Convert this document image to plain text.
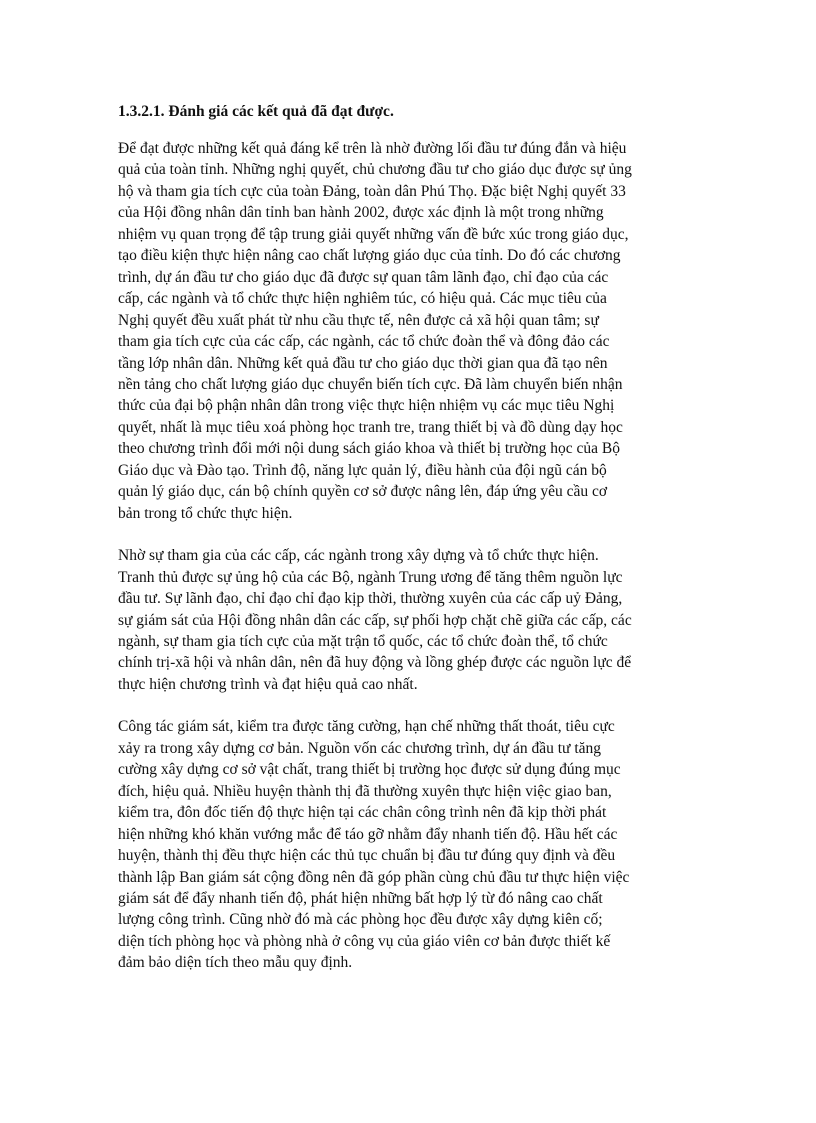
1.3.2.1. Đánh giá các kết quả đã đạt được.

Để đạt được những kết quả đáng kể trên là nhờ đường lối đầu tư đúng đắn và hiệu
quả của toàn tỉnh. Những nghị quyết, chủ chương đầu tư cho giáo dục được sự ủng
hộ và tham gia tích cực của toàn Đảng, toàn dân Phú Thọ. Đặc biệt Nghị quyết 33
của Hội đồng nhân dân tỉnh ban hành 2002, được xác định là một trong những
nhiệm vụ quan trọng để tập trung giải quyết những vấn đề bức xúc trong giáo dục,
tạo điều kiện thực hiện nâng cao chất lượng giáo dục của tỉnh. Do đó các chương
trình, dự án đầu tư cho giáo dục đã được sự quan tâm lãnh đạo, chỉ đạo của các
cấp, các ngành và tổ chức thực hiện nghiêm túc, có hiệu quả. Các mục tiêu của
Nghị quyết đều xuất phát từ nhu cầu thực tế, nên được cả xã hội quan tâm; sự
tham gia tích cực của các cấp, các ngành, các tổ chức đoàn thể và đông đảo các
tầng lớp nhân dân. Những kết quả đầu tư cho giáo dục thời gian qua đã tạo nên
nền tảng cho chất lượng giáo dục chuyển biến tích cực. Đã làm chuyển biến nhận
thức của đại bộ phận nhân dân trong việc thực hiện nhiệm vụ các mục tiêu Nghị
quyết, nhất là mục tiêu xoá phòng học tranh tre, trang thiết bị và đồ dùng dạy học
theo chương trình đổi mới nội dung sách giáo khoa và thiết bị trường học của Bộ
Giáo dục và Đào tạo. Trình độ, năng lực quản lý, điều hành của đội ngũ cán bộ
quản lý giáo dục, cán bộ chính quyền cơ sở được nâng lên, đáp ứng yêu cầu cơ
bản trong tổ chức thực hiện.

Nhờ sự tham gia của các cấp, các ngành trong xây dựng và tổ chức thực hiện.
Tranh thủ được sự ủng hộ của các Bộ, ngành Trung ương để tăng thêm nguồn lực
đầu tư. Sự lãnh đạo, chỉ đạo chỉ đạo kịp thời, thường xuyên của các cấp uỷ Đảng,
sự giám sát của Hội đồng nhân dân các cấp, sự phối hợp chặt chẽ giữa các cấp, các
ngành, sự tham gia tích cực của mặt trận tổ quốc, các tổ chức đoàn thể, tổ chức
chính trị-xã hội và nhân dân, nên đã huy động và lồng ghép được các nguồn lực để
thực hiện chương trình và đạt hiệu quả cao nhất.

Công tác giám sát, kiểm tra được tăng cường, hạn chế những thất thoát, tiêu cực
xảy ra trong xây dựng cơ bản. Nguồn vốn các chương trình, dự án đầu tư tăng
cường xây dựng cơ sở vật chất, trang thiết bị trường học được sử dụng đúng mục
đích, hiệu quả. Nhiều huyện thành thị đã thường xuyên thực hiện việc giao ban,
kiểm tra, đôn đốc tiến độ thực hiện tại các chân công trình nên đã kịp thời phát
hiện những khó khăn vướng mắc để táo gỡ nhằm đẩy nhanh tiến độ. Hầu hết các
huyện, thành thị đều thực hiện các thủ tục chuẩn bị đầu tư đúng quy định và đều
thành lập Ban giám sát cộng đồng nên đã góp phần cùng chủ đầu tư thực hiện việc
giám sát để đẩy nhanh tiến độ, phát hiện những bất hợp lý từ đó nâng cao chất
lượng công trình. Cũng nhờ đó mà các phòng học đều được xây dựng kiên cố;
diện tích phòng học và phòng nhà ở công vụ của giáo viên cơ bản được thiết kế
đảm bảo diện tích theo mẫu quy định.
